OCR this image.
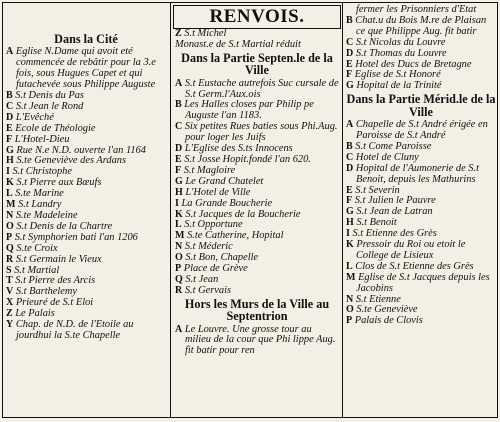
RENVOIS.
Dans la Cité
A Eglise N.Dame qui avoit eté commencée de rebâtir pour la 3.e fois, sous Hugues Capet et qui futachevée sous Philippe Auguste
B S.t Denis du Pas
C S.t Jean le Rond
D L'Evêché
E Ecole de Théologie
F L'Hotel-Dieu
G Rue N.e N.D. ouverte l'an 1164
H S.te Geneviève des Ardans
I S.t Christophe
K S.t Pierre aux Bœufs
L S.te Marine
M S.t Landry
N S.te Madeleine
O S.t Denis de la Chartre
P S.t Symphorien bati l'an 1206
Q S.te Croix
R S.t Germain le Vieux
S S.t Martial
T S.t Pierre des Arcis
V S.t Barthelemy
X Prieuré de S.t Eloi
Z Le Palais
Y Chap. de N.D. de l'Etoile au jourdhui la S.te Chapelle
Z S.t Michel
Monast.e de S.t Martial réduit
Dans la Partie Septen.le de la Ville
A S.t Eustache autrefois Suc cursale de S.t Germ.l'Aux.ois
B Les Halles closes par Philip pe Auguste l'an 1183.
C Six petites Rues baties sous Phi.Aug. pour loger les Juifs
D L'Eglise des S.ts Innocens
E S.t Josse Hopit.fondé l'an 620.
F S.t Magloire
G Le Grand Chatelet
H L'Hotel de Ville
I La Grande Boucherie
K S.t Jacques de la Boucherie
L S.t Opportune
M S.te Catherine, Hopital
N S.t Méderic
O S.t Bon, Chapelle
P Place de Grève
Q S.t Jean
R S.t Gervais
Hors les Murs de la Ville au Septentrion
A Le Louvre. Une grosse tour au milieu de la cour que Phi lippe Aug. fit batir pour ren
fermer les Prisonniers d'Etat
B Chat.u du Bois M.re de Plaisan ce que Philippe Aug. fit batir
C S.t Nicolas du Louvre
D S.t Thomas du Louvre
E Hotel des Ducs de Bretagne
F Eglise de S.t Honoré
G Hopital de la Trinité
Dans la Partie Mérid.le de la Ville
A Chapelle de S.t André érigée en Paroisse de S.t André
B S.t Come Paroisse
C Hotel de Cluny
D Hopital de l'Aumonerie de S.t Benoit, depuis les Mathurins
E S.t Severin
F S.t Julien le Pauvre
G S.t Jean de Latran
H S.t Benoit
I S.t Etienne des Grès
K Pressoir du Roi ou etoit le College de Lisieux
L Clos de S.t Etienne des Grès
M Eglise de S.t Jacques depuis les Jacobins
N S.t Etienne
O S.te Geneviève
P Palais de Clovis
